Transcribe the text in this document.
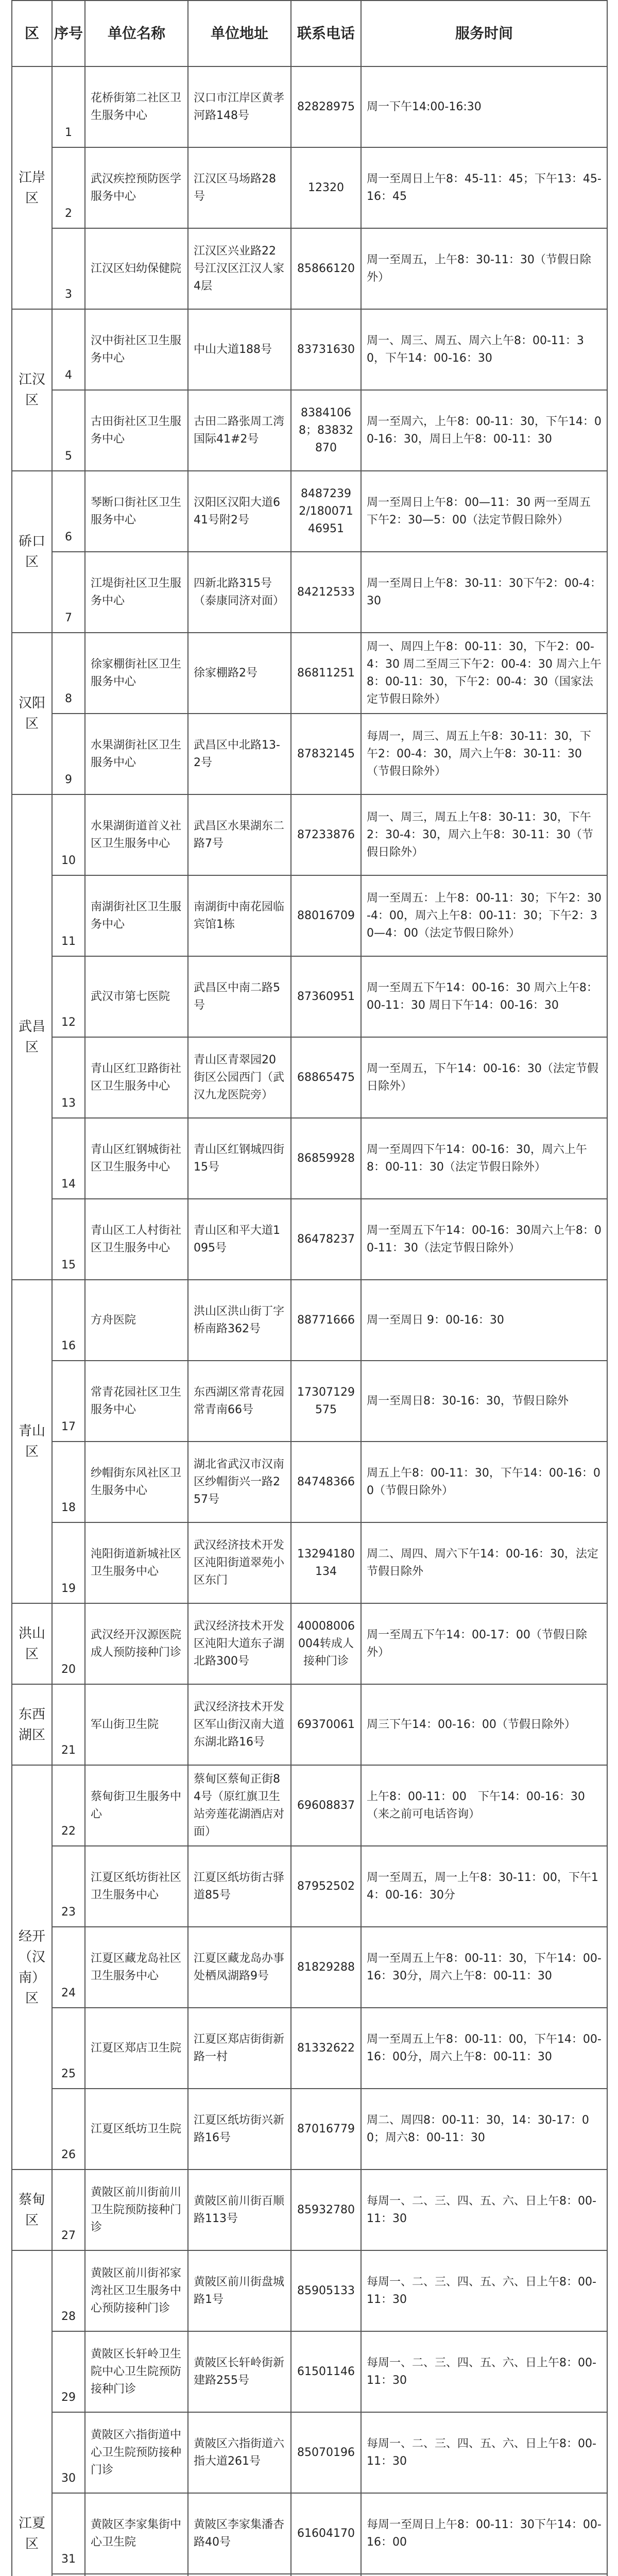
区	序号	单位名称	单位地址	联系电话	服务时间
江岸区	1	花桥街第二社区卫生服务中心	汉口市江岸区黄孝河路148号	82828975	周一下午14:00-16:30
	2	武汉疾控预防医学服务中心	江汉区马场路28号	12320	周一至周日上午8：45-11：45；下午13：45-16：45
	3	江汉区妇幼保健院	江汉区兴业路22号江汉区江汉人家4层	85866120	周一至周五，上午8：30-11：30（节假日除外）
江汉区	4	汉中街社区卫生服务中心	中山大道188号	83731630	周一、周三、周五、周六上午8：00-11：30，下午14：00-16：30
	5	古田街社区卫生服务中心	古田二路张周工湾国际41#2号	83841068；83832870	周一至周六，上午8：00-11：30，下午14：00-16：30，周日上午8：00-11：30
硚口区	6	琴断口街社区卫生服务中心	汉阳区汉阳大道641号附2号	84872392/18007146951	周一至周日上午8：00—11：30 两一至周五下午2：30—5：00（法定节假日除外）
	7	江堤街社区卫生服务中心	四新北路315号（泰康同济对面）	84212533	周一至周日上午8：30-11：30下午2：00-4：30
汉阳区	8	徐家棚街社区卫生服务中心	徐家棚路2号	86811251	周一、周四上午8：00-11：30，下午2：00-4：30 周二至周三下午2：00-4：30 周六上午8：00-11：30，下午2：00-4：30（国家法定节假日除外）
	9	水果湖街社区卫生服务中心	武昌区中北路13-2号	87832145	每周一，周三、周五上午8：30-11：30，下午2：00-4：30，周六上午8：30-11：30（节假日除外）
武昌区	10	水果湖街道首义社区卫生服务中心	武昌区水果湖东二路7号	87233876	周一、周三，周五上午8：30-11：30，下午2：30-4：30，周六上午8：30-11：30（节假日除外）
	11	南湖街社区卫生服务中心	南湖街中南花园临宾馆1栋	88016709	周一至周五：上午8：00-11：30；下午2：30-4：00，周六上午8：00-11：30；下午2：30—4：00（法定节假日除外）
	12	武汉市第七医院	武昌区中南二路5号	87360951	周一至周五下午14：00-16：30 周六上午8：00-11：30 周日下午14：00-16：30
	13	青山区红卫路街社区卫生服务中心	青山区青翠园20街区公园西门（武汉九龙医院旁）	68865475	周一至周五，下午14：00-16：30（法定节假日除外）
	14	青山区红钢城街社区卫生服务中心	青山区红钢城四街15号	86859928	周一至周四下午14：00-16：30，周六上午8：00-11：30（法定节假日除外）
	15	青山区工人村街社区卫生服务中心	青山区和平大道1095号	86478237	周一至周五下午14：00-16：30周六上午8：00-11：30（法定节假日除外）
青山区	16	方舟医院	洪山区洪山街丁字桥南路362号	88771666	周一至周日 9：00-16：30
	17	常青花园社区卫生服务中心	东西湖区常青花园常青南66号	17307129575	周一至周日8：30-16：30，节假日除外
	18	纱帽街东风社区卫生服务中心	湖北省武汉市汉南区纱帽街兴一路257号	84748366	周五上午8：00-11：30，下午14：00-16：00（节假日除外）
	19	沌阳街道新城社区卫生服务中心	武汉经济技术开发区沌阳街道翠苑小区东门	13294180134	周二、周四、周六下午14：00-16：30，法定节假日除外
洪山区	20	武汉经开汉源医院成人预防接种门诊	武汉经济技术开发区沌阳大道东子湖北路300号	40008006004转成人接种门诊	周一至周五下午14：00-17：00（节假日除外）
东西湖区	21	军山街卫生院	武汉经济技术开发区军山街汉南大道东湖北路16号	69370061	周三下午14：00-16：00（节假日除外）
经开（汉南）区	22	蔡甸街卫生服务中心	蔡甸区蔡甸正街84号（原红旗卫生站旁莲花湖酒店对面）	69608837	上午8：00-11：00　下午14：00-16：30（来之前可电话咨询）
	23	江夏区纸坊街社区卫生服务中心	江夏区纸坊街古驿道85号	87952502	周一至周五，周一上午8：30-11：00，下午14：00-16：30分
	24	江夏区藏龙岛社区卫生服务中心	江夏区藏龙岛办事处栖凤湖路9号	81829288	周一至周五上午8：00-11：30，下午14：00-16：30分，周六上午8：00-11：30
	25	江夏区郑店卫生院	江夏区郑店街街新路一村	81332622	周一至周五上午8：00-11：00，下午14：00-16：00分，周六上午8：00-11：30
	26	江夏区纸坊卫生院	江夏区纸坊街兴新路16号	87016779	周二、周四8：00-11：30，14：30-17：00；周六8：00-11：30
蔡甸区	27	黄陂区前川街前川卫生院预防接种门诊	黄陂区前川街百顺路113号	85932780	每周一、二、三、四、五、六、日上午8：00-11：30
江夏区	28	黄陂区前川街祁家湾社区卫生服务中心预防接种门诊	黄陂区前川街盘城路1号	85905133	每周一、二、三、四、五、六、日上午8：00-11：30
	29	黄陂区长轩岭卫生院中心卫生院预防接种门诊	黄陂区长轩岭街新建路255号	61501146	每周一、二、三、四、五、六、日上午8：00-11：30
	30	黄陂区六指街道中心卫生院预防接种门诊	黄陂区六指街道六指大道261号	85070196	每周一、二、三、四、五、六、日上午8：00-11：30
	31	黄陂区李家集街中心卫生院	黄陂区李家集潘杏路40号	61604170	每周一至周日上午8：00-11：30下午14：00-16：00
